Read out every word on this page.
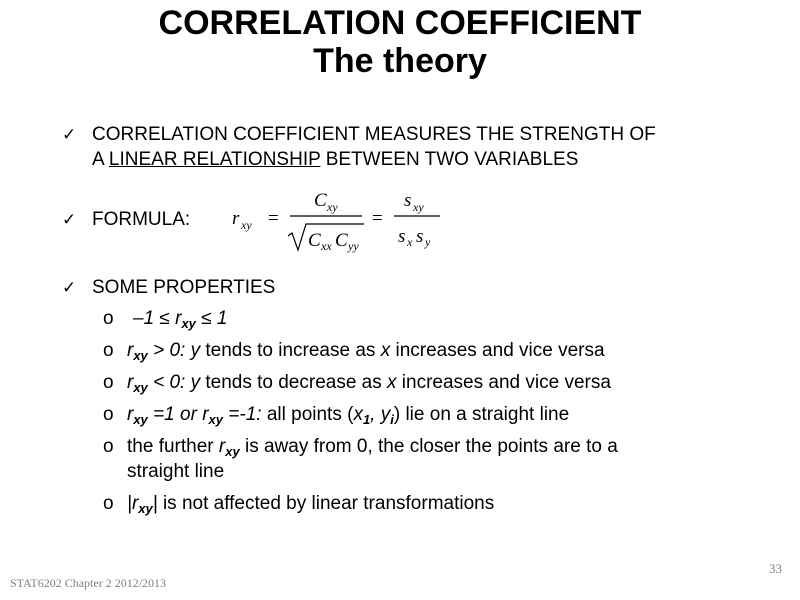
CORRELATION COEFFICIENT
The theory
✓ CORRELATION COEFFICIENT MEASURES THE STRENGTH OF
A LINEAR RELATIONSHIP BETWEEN TWO VARIABLES
✓ FORMULA: r xy =
C xy
C xx C yy
=
s xy
s x s y
✓ SOME PROPERTIES
o $-1 \le r_{xy} \le 1$
o $r_{xy} > 0$: y tends to increase as x increases and vice versa
o $r_{xy} < 0$: y tends to decrease as x increases and vice versa
o $r_{xy} =1$ or $r_{xy} =-1$: all points ($x_1$, $y_i$) lie on a straight line
o the further $r_{xy}$ is away from 0, the closer the points are to a
straight line
o $|r_{xy}|$ is not affected by linear transformations
STAT6202 Chapter 2 2012/2013
33
